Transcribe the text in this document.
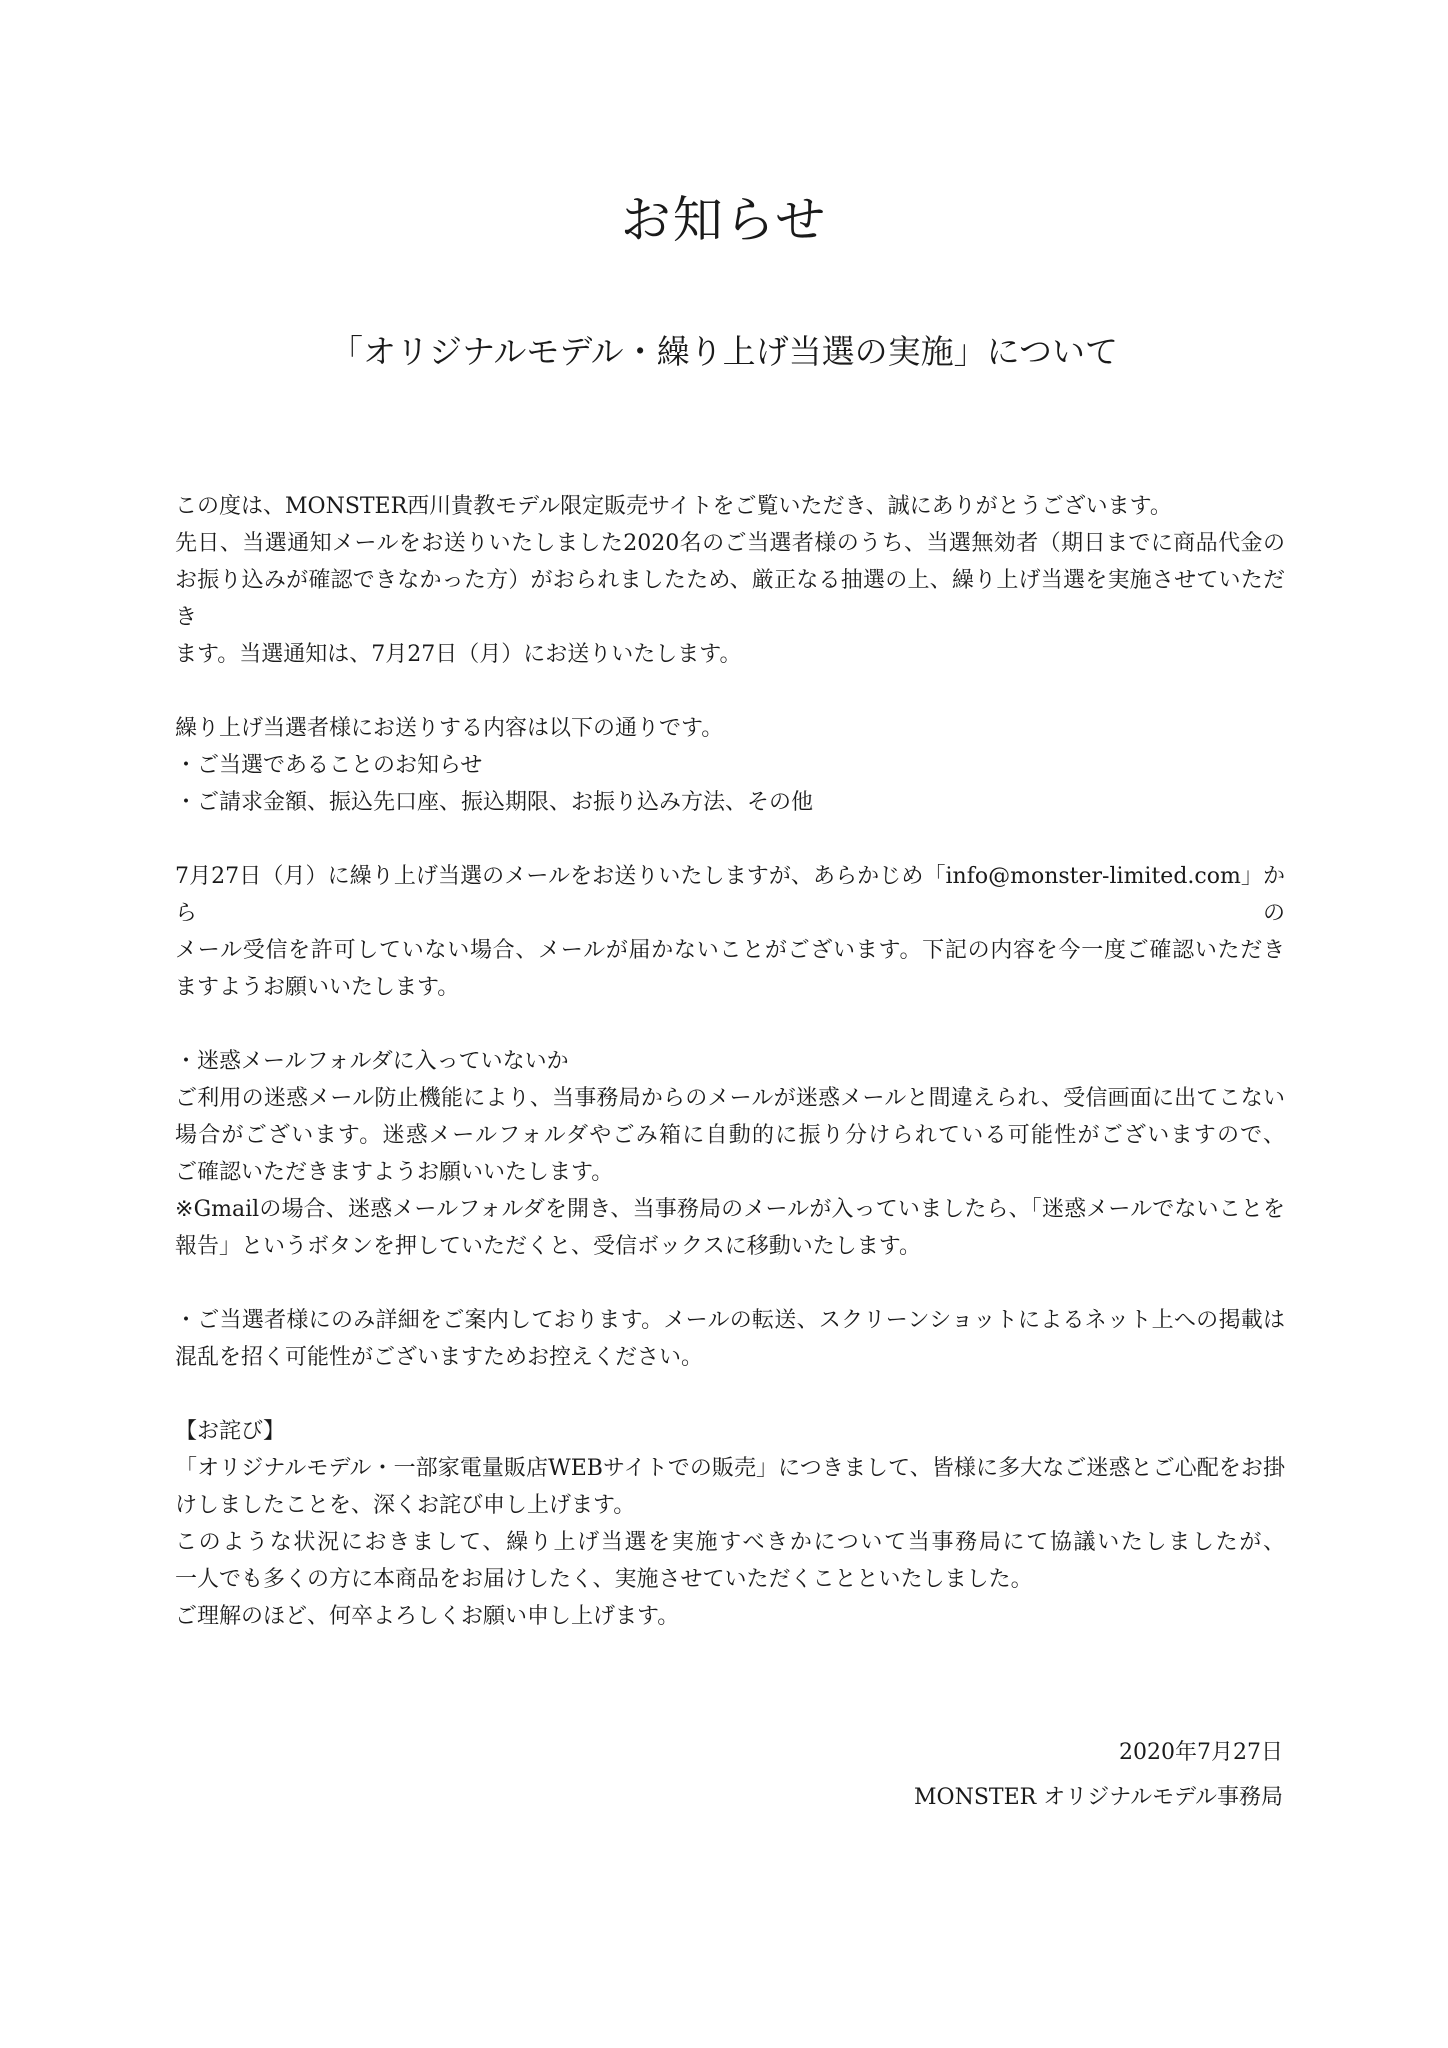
お知らせ
「オリジナルモデル・繰り上げ当選の実施」について

この度は、MONSTER西川貴教モデル限定販売サイトをご覧いただき、誠にありがとうございます。
先日、当選通知メールをお送りいたしました2020名のご当選者様のうち、当選無効者（期日までに商品代金の
お振り込みが確認できなかった方）がおられましたため、厳正なる抽選の上、繰り上げ当選を実施させていただき
ます。当選通知は、7月27日（月）にお送りいたします。

繰り上げ当選者様にお送りする内容は以下の通りです。
・ご当選であることのお知らせ
・ご請求金額、振込先口座、振込期限、お振り込み方法、その他

7月27日（月）に繰り上げ当選のメールをお送りいたしますが、あらかじめ「info@monster-limited.com」からの
メール受信を許可していない場合、メールが届かないことがございます。下記の内容を今一度ご確認いただき
ますようお願いいたします。

・迷惑メールフォルダに入っていないか
ご利用の迷惑メール防止機能により、当事務局からのメールが迷惑メールと間違えられ、受信画面に出てこない
場合がございます。迷惑メールフォルダやごみ箱に自動的に振り分けられている可能性がございますので、
ご確認いただきますようお願いいたします。
※Gmailの場合、迷惑メールフォルダを開き、当事務局のメールが入っていましたら、「迷惑メールでないことを
報告」というボタンを押していただくと、受信ボックスに移動いたします。

・ご当選者様にのみ詳細をご案内しております。メールの転送、スクリーンショットによるネット上への掲載は
混乱を招く可能性がございますためお控えください。

【お詫び】
「オリジナルモデル・一部家電量販店WEBサイトでの販売」につきまして、皆様に多大なご迷惑とご心配をお掛
けしましたことを、深くお詫び申し上げます。
このような状況におきまして、繰り上げ当選を実施すべきかについて当事務局にて協議いたしましたが、
一人でも多くの方に本商品をお届けしたく、実施させていただくことといたしました。
ご理解のほど、何卒よろしくお願い申し上げます。

2020年7月27日
MONSTER オリジナルモデル事務局
